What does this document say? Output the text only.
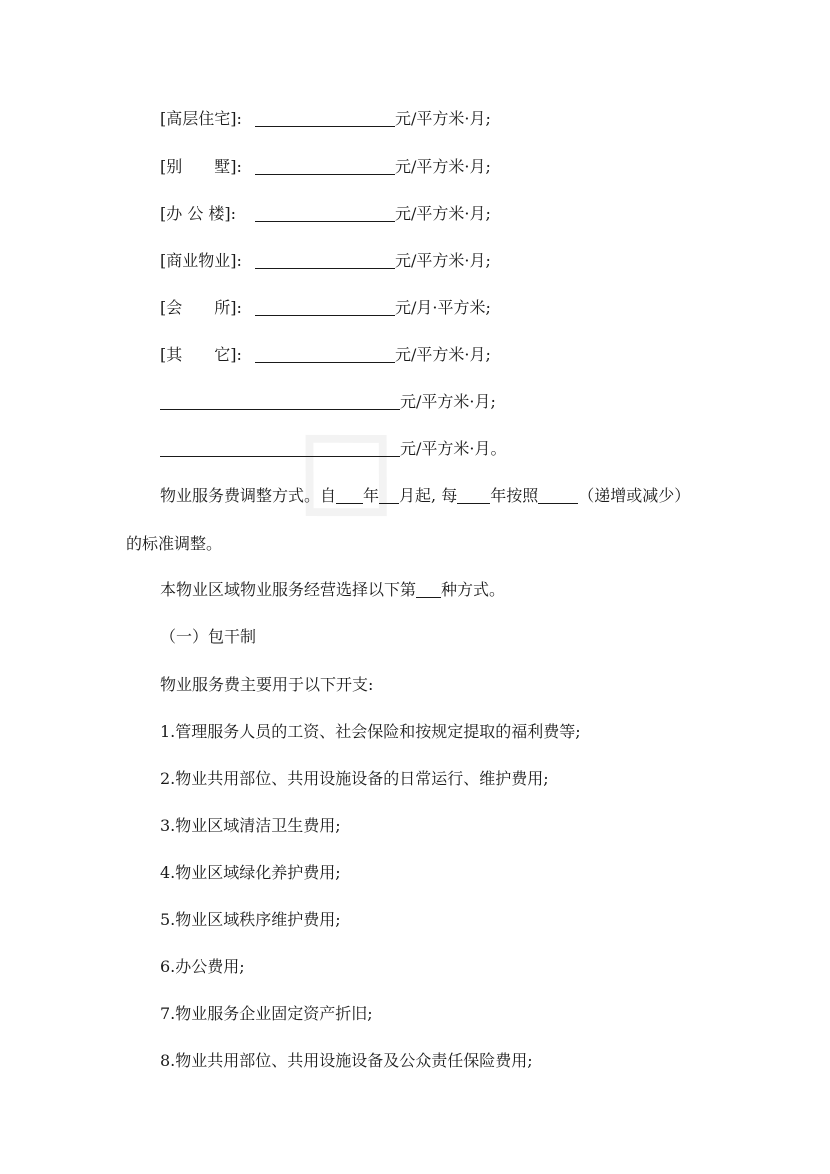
[高层住宅]:	元/平方米·月;
[别　　墅]:	元/平方米·月;
[办 公 楼]:	元/平方米·月;
[商业物业]:	元/平方米·月;
[会　　所]:	元/月·平方米;
[其　　它]:	元/平方米·月;
元/平方米·月;
元/平方米·月。
物业服务费调整方式。自 年 月起, 每 年按照	（递增或减少）
的标准调整。
本物业区域物业服务经营选择以下第 种方式。
（一）包干制
物业服务费主要用于以下开支:
1.管理服务人员的工资、社会保险和按规定提取的福利费等;
2.物业共用部位、共用设施设备的日常运行、维护费用;
3.物业区域清洁卫生费用;
4.物业区域绿化养护费用;
5.物业区域秩序维护费用;
6.办公费用;
7.物业服务企业固定资产折旧;
8.物业共用部位、共用设施设备及公众责任保险费用;
